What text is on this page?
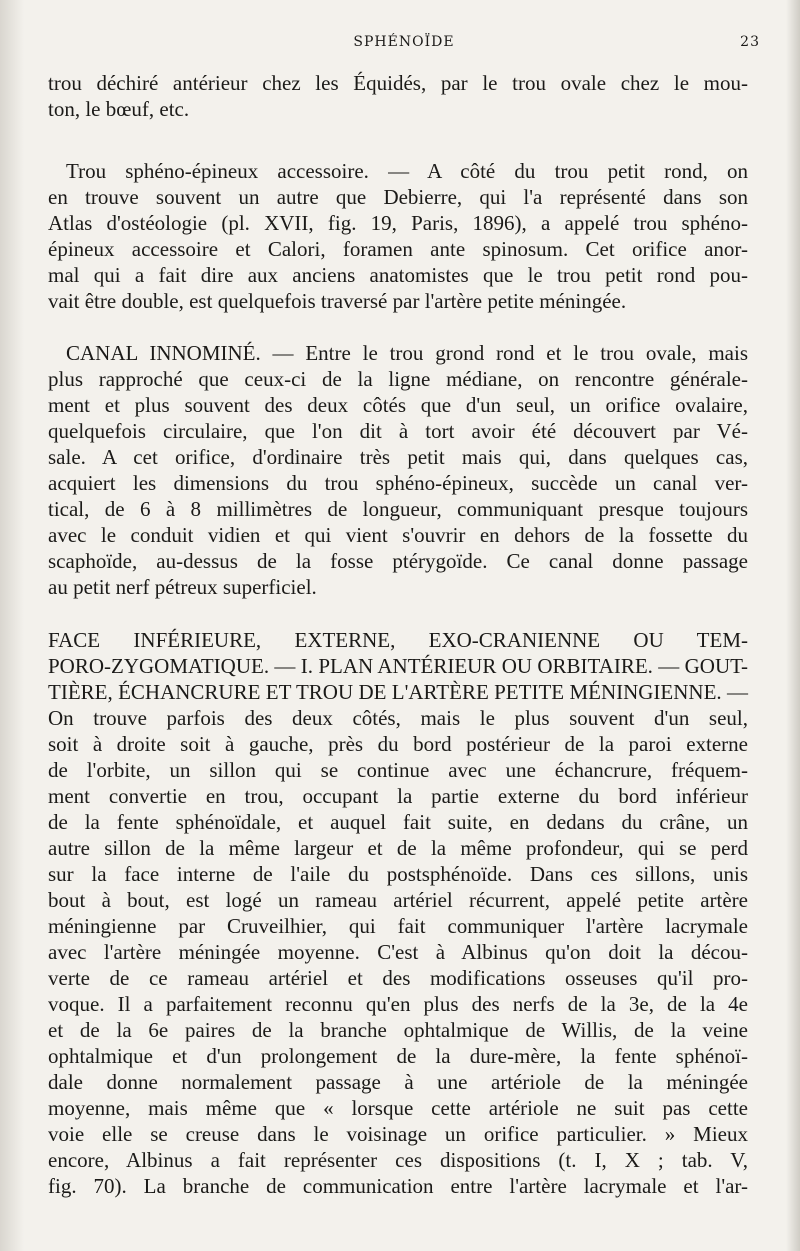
SPHÉNOÏDE	23
trou déchiré antérieur chez les Équidés, par le trou ovale chez le mou-
ton, le bœuf, etc.
Trou sphéno-épineux accessoire. — A côté du trou petit rond, on
en trouve souvent un autre que Debierre, qui l'a représenté dans son
Atlas d'ostéologie (pl. XVII, fig. 19, Paris, 1896), a appelé trou sphéno-
épineux accessoire et Calori, foramen ante spinosum. Cet orifice anor-
mal qui a fait dire aux anciens anatomistes que le trou petit rond pou-
vait être double, est quelquefois traversé par l'artère petite méningée.
CANAL INNOMINÉ. — Entre le trou grond rond et le trou ovale, mais
plus rapproché que ceux-ci de la ligne médiane, on rencontre générale-
ment et plus souvent des deux côtés que d'un seul, un orifice ovalaire,
quelquefois circulaire, que l'on dit à tort avoir été découvert par Vé-
sale. A cet orifice, d'ordinaire très petit mais qui, dans quelques cas,
acquiert les dimensions du trou sphéno-épineux, succède un canal ver-
tical, de 6 à 8 millimètres de longueur, communiquant presque toujours
avec le conduit vidien et qui vient s'ouvrir en dehors de la fossette du
scaphoïde, au-dessus de la fosse ptérygoïde. Ce canal donne passage
au petit nerf pétreux superficiel.
FACE INFÉRIEURE, EXTERNE, EXO-CRANIENNE OU TEM-
PORO-ZYGOMATIQUE. — I. PLAN ANTÉRIEUR OU ORBITAIRE. — GOUT-
TIÈRE, ÉCHANCRURE ET TROU DE L'ARTÈRE PETITE MÉNINGIENNE. —
On trouve parfois des deux côtés, mais le plus souvent d'un seul,
soit à droite soit à gauche, près du bord postérieur de la paroi externe
de l'orbite, un sillon qui se continue avec une échancrure, fréquem-
ment convertie en trou, occupant la partie externe du bord inférieur
de la fente sphénoïdale, et auquel fait suite, en dedans du crâne, un
autre sillon de la même largeur et de la même profondeur, qui se perd
sur la face interne de l'aile du postsphénoïde. Dans ces sillons, unis
bout à bout, est logé un rameau artériel récurrent, appelé petite artère
méningienne par Cruveilhier, qui fait communiquer l'artère lacrymale
avec l'artère méningée moyenne. C'est à Albinus qu'on doit la décou-
verte de ce rameau artériel et des modifications osseuses qu'il pro-
voque. Il a parfaitement reconnu qu'en plus des nerfs de la 3e, de la 4e
et de la 6e paires de la branche ophtalmique de Willis, de la veine
ophtalmique et d'un prolongement de la dure-mère, la fente sphénoï-
dale donne normalement passage à une artériole de la méningée
moyenne, mais même que « lorsque cette artériole ne suit pas cette
voie elle se creuse dans le voisinage un orifice particulier. » Mieux
encore, Albinus a fait représenter ces dispositions (t. I, X ; tab. V,
fig. 70). La branche de communication entre l'artère lacrymale et l'ar-
